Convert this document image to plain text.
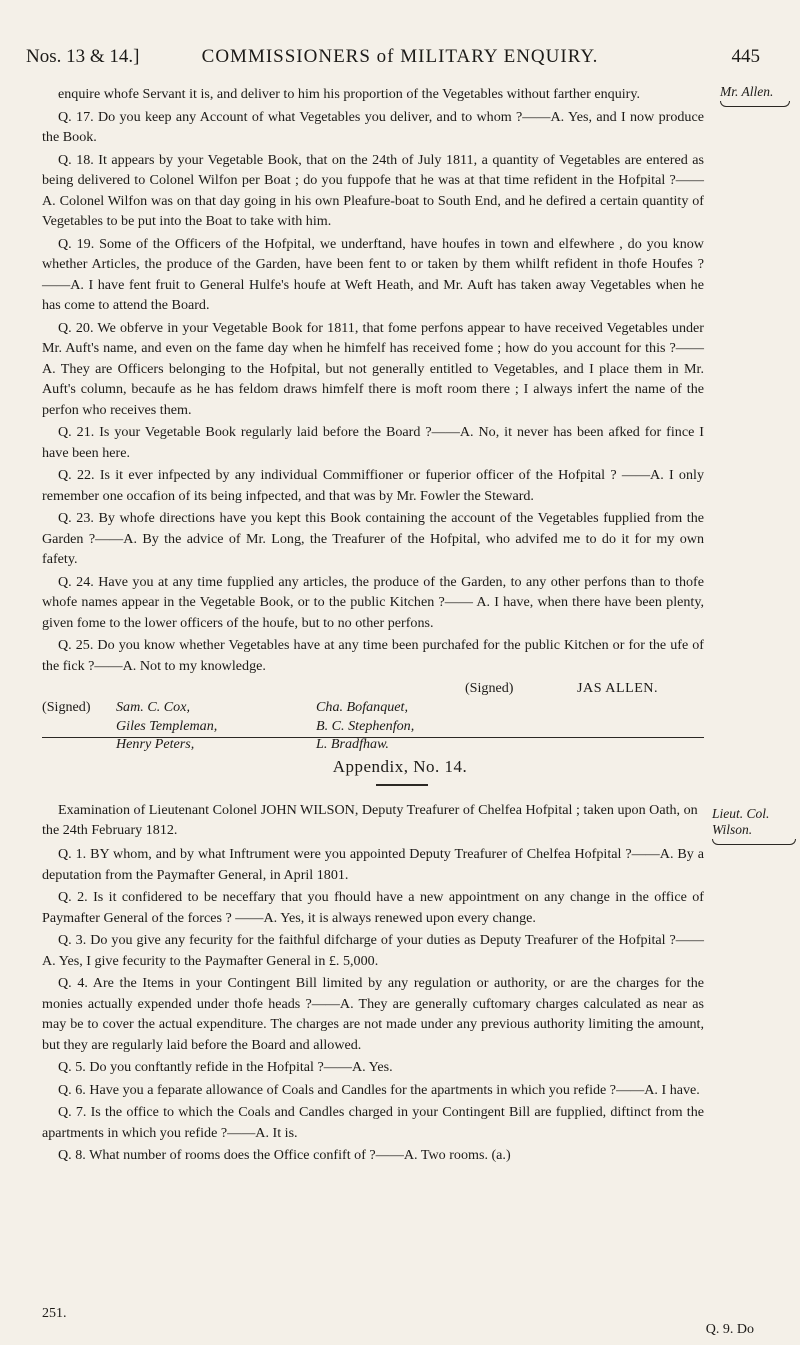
Nos. 13 & 14.]	COMMISSIONERS of MILITARY ENQUIRY.	445
Mr. Allen.

enquire whofe Servant it is, and deliver to him his proportion of the Vegetables without farther enquiry.

Q. 17. Do you keep any Account of what Vegetables you deliver, and to whom ?——A. Yes, and I now produce the Book.

Q. 18. It appears by your Vegetable Book, that on the 24th of July 1811, a quantity of Vegetables are entered as being delivered to Colonel Wilfon per Boat ; do you fuppofe that he was at that time refident in the Hofpital ?—— A. Colonel Wilfon was on that day going in his own Pleafure-boat to South End, and he defired a certain quantity of Vegetables to be put into the Boat to take with him.

Q. 19. Some of the Officers of the Hofpital, we underftand, have houfes in town and elfewhere , do you know whether Articles, the produce of the Garden, have been fent to or taken by them whilft refident in thofe Houfes ?——A. I have fent fruit to General Hulfe's houfe at Weft Heath, and Mr. Auft has taken away Vegetables when he has come to attend the Board.

Q. 20. We obferve in your Vegetable Book for 1811, that fome perfons appear to have received Vegetables under Mr. Auft's name, and even on the fame day when he himfelf has received fome ; how do you account for this ?——A. They are Officers belonging to the Hofpital, but not generally entitled to Vegetables, and I place them in Mr. Auft's column, becaufe as he has feldom draws himfelf there is moft room there ; I always infert the name of the perfon who receives them.

Q. 21. Is your Vegetable Book regularly laid before the Board ?——A. No, it never has been afked for fince I have been here.

Q. 22. Is it ever infpected by any individual Commiffioner or fuperior officer of the Hofpital ? ——A. I only remember one occafion of its being infpected, and that was by Mr. Fowler the Steward.

Q. 23. By whofe directions have you kept this Book containing the account of the Vegetables fupplied from the Garden ?——A. By the advice of Mr. Long, the Treafurer of the Hofpital, who advifed me to do it for my own fafety.

Q. 24. Have you at any time fupplied any articles, the produce of the Garden, to any other perfons than to thofe whofe names appear in the Vegetable Book, or to the public Kitchen ?—— A. I have, when there have been plenty, given fome to the lower officers of the houfe, but to no other perfons.

Q. 25. Do you know whether Vegetables have at any time been purchafed for the public Kitchen or for the ufe of the fick ?——A. Not to my knowledge.

(Signed)	JAS ALLEN.

(Signed)	Sam. C. Cox,
Giles Templeman,
Henry Peters,
Cha. Bofanquet,
B. C. Stephenfon,
L. Bradfhaw.
Appendix, No. 14.
Lieut. Col. Wilson.

Examination of Lieutenant Colonel JOHN WILSON, Deputy Treafurer of Chelfea Hofpital ; taken upon Oath, on the 24th February 1812.

Q. 1. BY whom, and by what Inftrument were you appointed Deputy Treafurer of Chelfea Hofpital ?——A. By a deputation from the Paymafter General, in April 1801.

Q. 2. Is it confidered to be neceffary that you fhould have a new appointment on any change in the office of Paymafter General of the forces ? ——A. Yes, it is always renewed upon every change.

Q. 3. Do you give any fecurity for the faithful difcharge of your duties as Deputy Treafurer of the Hofpital ?——A. Yes, I give fecurity to the Paymafter General in £. 5,000.

Q. 4. Are the Items in your Contingent Bill limited by any regulation or authority, or are the charges for the monies actually expended under thofe heads ?——A. They are generally cuftomary charges calculated as near as may be to cover the actual expenditure. The charges are not made under any previous authority limiting the amount, but they are regularly laid before the Board and allowed.

Q. 5. Do you conftantly refide in the Hofpital ?——A. Yes.

Q. 6. Have you a feparate allowance of Coals and Candles for the apartments in which you refide ?——A. I have.

Q. 7. Is the office to which the Coals and Candles charged in your Contingent Bill are fupplied, diftinct from the apartments in which you refide ?——A. It is.

Q. 8. What number of rooms does the Office confift of ?——A. Two rooms. (a.)

251.
Q. 9. Do
